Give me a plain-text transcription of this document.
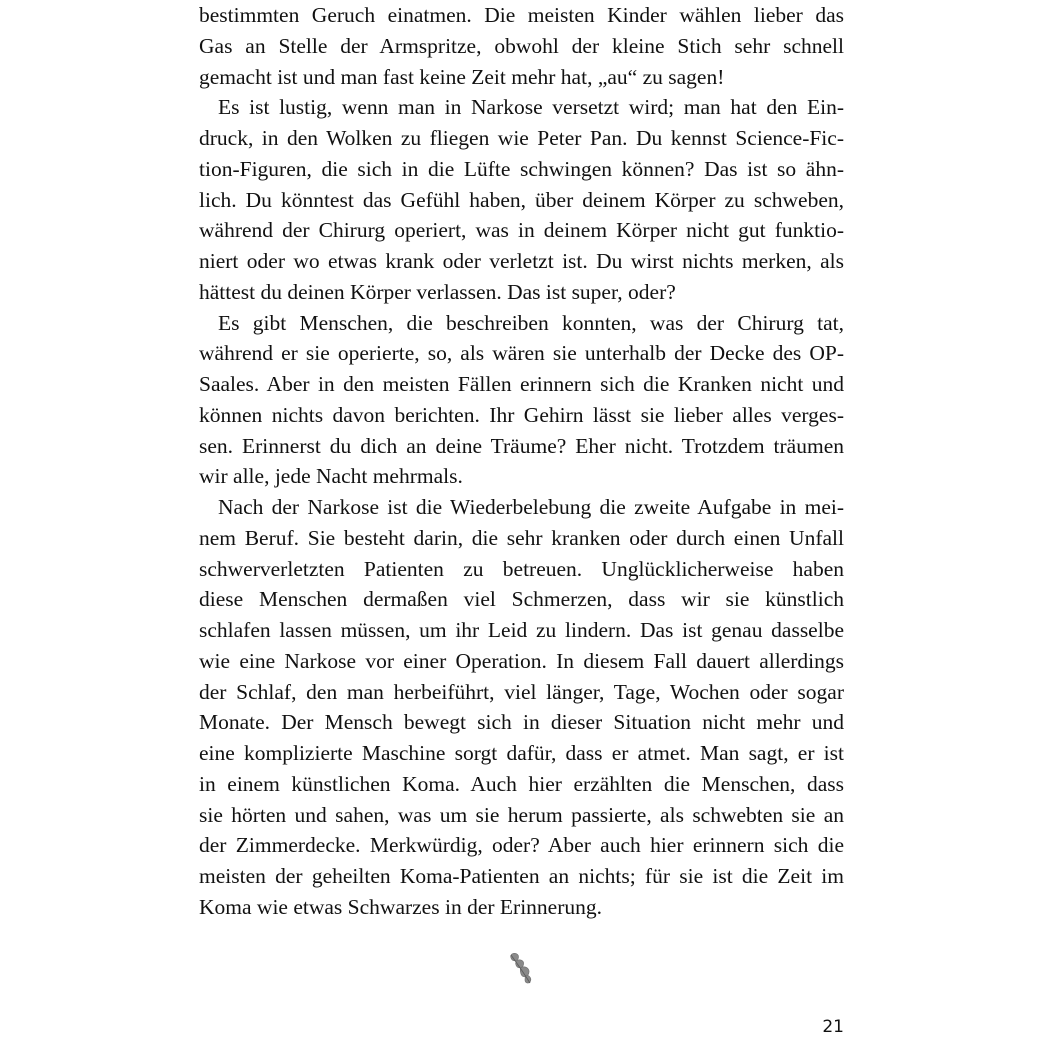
bestimmten Geruch einatmen. Die meisten Kinder wählen lieber das
Gas an Stelle der Armspritze, obwohl der kleine Stich sehr schnell
gemacht ist und man fast keine Zeit mehr hat, „au“ zu sagen!
Es ist lustig, wenn man in Narkose versetzt wird; man hat den Ein-
druck, in den Wolken zu fliegen wie Peter Pan. Du kennst Science-Fic-
tion-Figuren, die sich in die Lüfte schwingen können? Das ist so ähn-
lich. Du könntest das Gefühl haben, über deinem Körper zu schweben,
während der Chirurg operiert, was in deinem Körper nicht gut funktio-
niert oder wo etwas krank oder verletzt ist. Du wirst nichts merken, als
hättest du deinen Körper verlassen. Das ist super, oder?
Es gibt Menschen, die beschreiben konnten, was der Chirurg tat,
während er sie operierte, so, als wären sie unterhalb der Decke des OP-
Saales. Aber in den meisten Fällen erinnern sich die Kranken nicht und
können nichts davon berichten. Ihr Gehirn lässt sie lieber alles verges-
sen. Erinnerst du dich an deine Träume? Eher nicht. Trotzdem träumen
wir alle, jede Nacht mehrmals.
Nach der Narkose ist die Wiederbelebung die zweite Aufgabe in mei-
nem Beruf. Sie besteht darin, die sehr kranken oder durch einen Unfall
schwerverletzten Patienten zu betreuen. Unglücklicherweise haben
diese Menschen dermaßen viel Schmerzen, dass wir sie künstlich
schlafen lassen müssen, um ihr Leid zu lindern. Das ist genau dasselbe
wie eine Narkose vor einer Operation. In diesem Fall dauert allerdings
der Schlaf, den man herbeiführt, viel länger, Tage, Wochen oder sogar
Monate. Der Mensch bewegt sich in dieser Situation nicht mehr und
eine komplizierte Maschine sorgt dafür, dass er atmet. Man sagt, er ist
in einem künstlichen Koma. Auch hier erzählten die Menschen, dass
sie hörten und sahen, was um sie herum passierte, als schwebten sie an
der Zimmerdecke. Merkwürdig, oder? Aber auch hier erinnern sich die
meisten der geheilten Koma-Patienten an nichts; für sie ist die Zeit im
Koma wie etwas Schwarzes in der Erinnerung.
21
